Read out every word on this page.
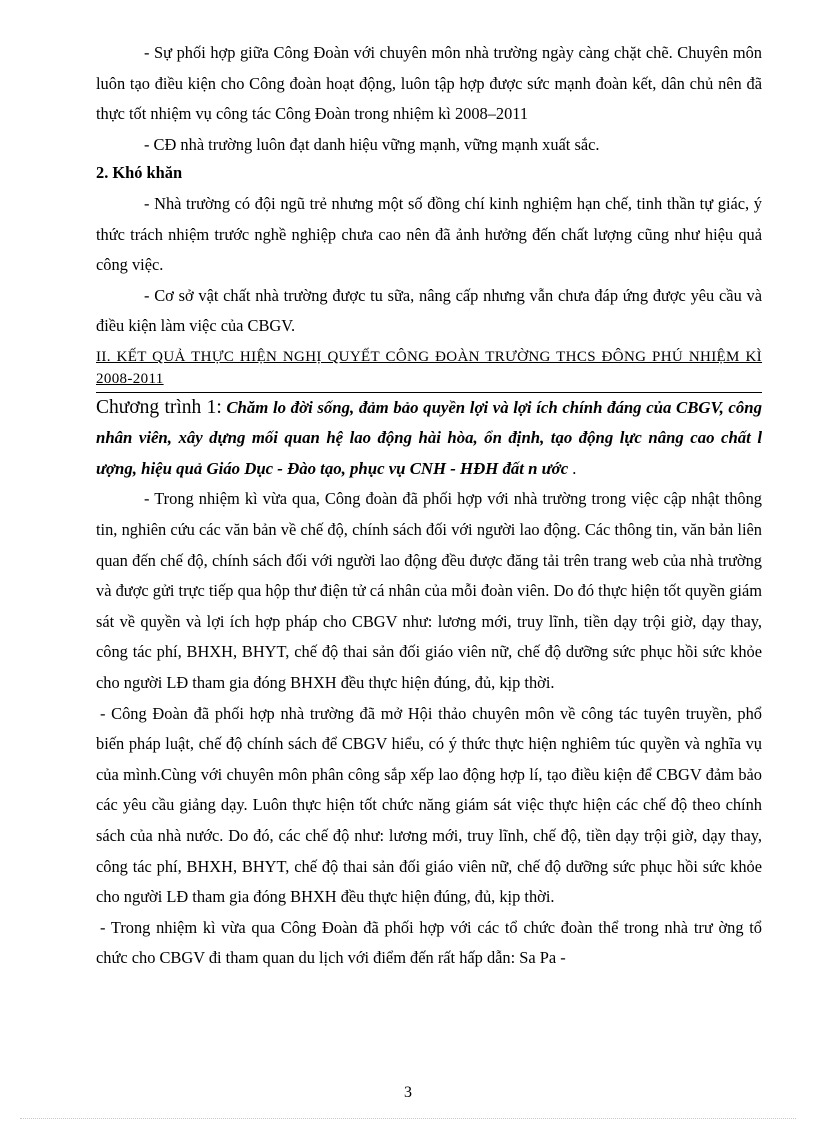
- Sự phối hợp giữa Công Đoàn với chuyên môn nhà trường ngày càng chặt chẽ. Chuyên môn luôn tạo điều kiện cho Công đoàn hoạt động, luôn tập hợp được sức mạnh đoàn kết, dân chủ nên đã thực tốt nhiệm vụ công tác Công Đoàn trong nhiệm kì 2008–2011

- CĐ nhà trường luôn đạt danh hiệu vững mạnh, vững mạnh xuất sắc.

2. Khó khăn

- Nhà trường có đội ngũ trẻ nhưng một số đồng chí kinh nghiệm hạn chế, tinh thần tự giác, ý thức trách nhiệm trước nghề nghiệp chưa cao nên đã ảnh hưởng đến chất lượng cũng như hiệu quả công việc.

- Cơ sở vật chất nhà trường được tu sữa, nâng cấp nhưng vẫn chưa đáp ứng được yêu cầu và điều kiện làm việc của CBGV.

II. KẾT QUẢ THỰC HIỆN NGHỊ QUYẾT CÔNG ĐOÀN TRƯỜNG THCS ĐÔNG PHÚ NHIỆM KÌ 2008-2011

Chương trình 1: Chăm lo đời sống, đảm bảo quyền lợi và lợi ích chính đáng của CBGV, công nhân viên, xây dựng mối quan hệ lao động hài hòa, ổn định, tạo động lực nâng cao chất l ượng, hiệu quả Giáo Dục - Đào tạo, phục vụ CNH - HĐH đất n ước .

- Trong nhiệm kì vừa qua, Công đoàn đã phối hợp với nhà trường trong việc cập nhật thông tin, nghiên cứu các văn bản về chế độ, chính sách đối với người lao động. Các thông tin, văn bản liên quan đến chế độ, chính sách đối với người lao động đều được đăng tải trên trang web của nhà trường và được gửi trực tiếp qua hộp thư điện tử cá nhân của mỗi đoàn viên. Do đó thực hiện tốt quyền giám sát về quyền và lợi ích hợp pháp cho CBGV như: lương mới, truy lĩnh, tiền dạy trội giờ, dạy thay, công tác phí, BHXH, BHYT, chế độ thai sản đối giáo viên nữ, chế độ dưỡng sức phục hồi sức khỏe cho người LĐ tham gia đóng BHXH đều thực hiện đúng, đủ, kịp thời.

- Công Đoàn đã phối hợp nhà trường đã mở Hội thảo chuyên môn về công tác tuyên truyền, phổ biến pháp luật, chế độ chính sách để CBGV hiểu, có ý thức thực hiện nghiêm túc quyền và nghĩa vụ của mình.Cùng với chuyên môn phân công sắp xếp lao động hợp lí, tạo điều kiện để CBGV đảm bảo các yêu cầu giảng dạy. Luôn thực hiện tốt chức năng giám sát việc thực hiện các chế độ theo chính sách của nhà nước. Do đó, các chế độ như: lương mới, truy lĩnh, chế độ, tiền dạy trội giờ, dạy thay, công tác phí, BHXH, BHYT, chế độ thai sản đối giáo viên nữ, chế độ dưỡng sức phục hồi sức khỏe cho người LĐ tham gia đóng BHXH đều thực hiện đúng, đủ, kịp thời.

- Trong nhiệm kì vừa qua Công Đoàn đã phối hợp với các tổ chức đoàn thể trong nhà trư ờng tổ chức cho CBGV đi tham quan du lịch với điểm đến rất hấp dẫn: Sa Pa -

3
